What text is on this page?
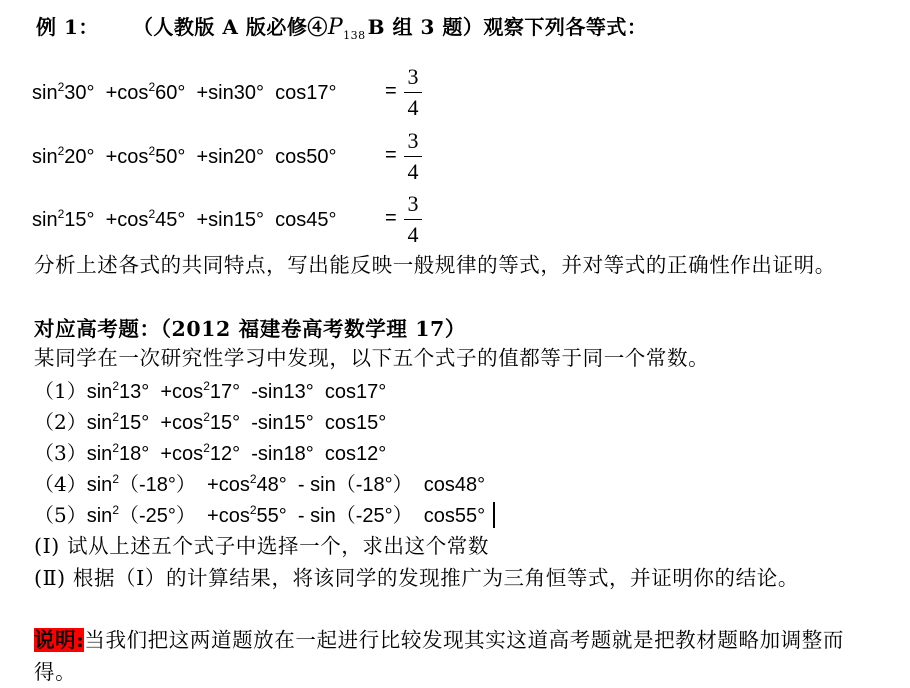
例 1： （人教版 A 版必修$④P_{138}$ B 组 3 题）观察下列各等式：
$\sin^230^\circ +\cos^260^\circ +\sin 30^\circ$ cos17° =
3
4
$\sin^220^\circ +\cos^250^\circ +\sin 20^\circ$ cos50° =
3
4
$\sin^215^\circ +\cos^245^\circ +\sin 15^\circ$ cos45° =
3
4
分析上述各式的共同特点，写出能反映一般规律的等式，并对等式的正确性作出证明。
对应高考题：（2012 福建卷高考数学理 17）
某同学在一次研究性学习中发现，以下五个式子的值都等于同一个常数。
$(1)\sin^213^\circ +\cos^217^\circ$ -sin13° cos17°
$(2)\sin^215^\circ +\cos^215^\circ$ -sin15° cos15°
$(3)\sin^218^\circ +\cos^212^\circ$ -sin18° cos12°
$(4)\sin^2(-18^\circ) +\cos^248^\circ - \sin(-18^\circ)$ cos48°
$(5)\sin^2(-25^\circ) +\cos^255^\circ - \sin(-25^\circ)$ cos55°
(Ⅰ) 试从上述五个式子中选择一个，求出这个常数
(Ⅱ) 根据（Ⅰ）的计算结果，将该同学的发现推广为三角恒等式，并证明你的结论。
说明:当我们把这两道题放在一起进行比较发现其实这道高考题就是把教材题略加调整而得。
